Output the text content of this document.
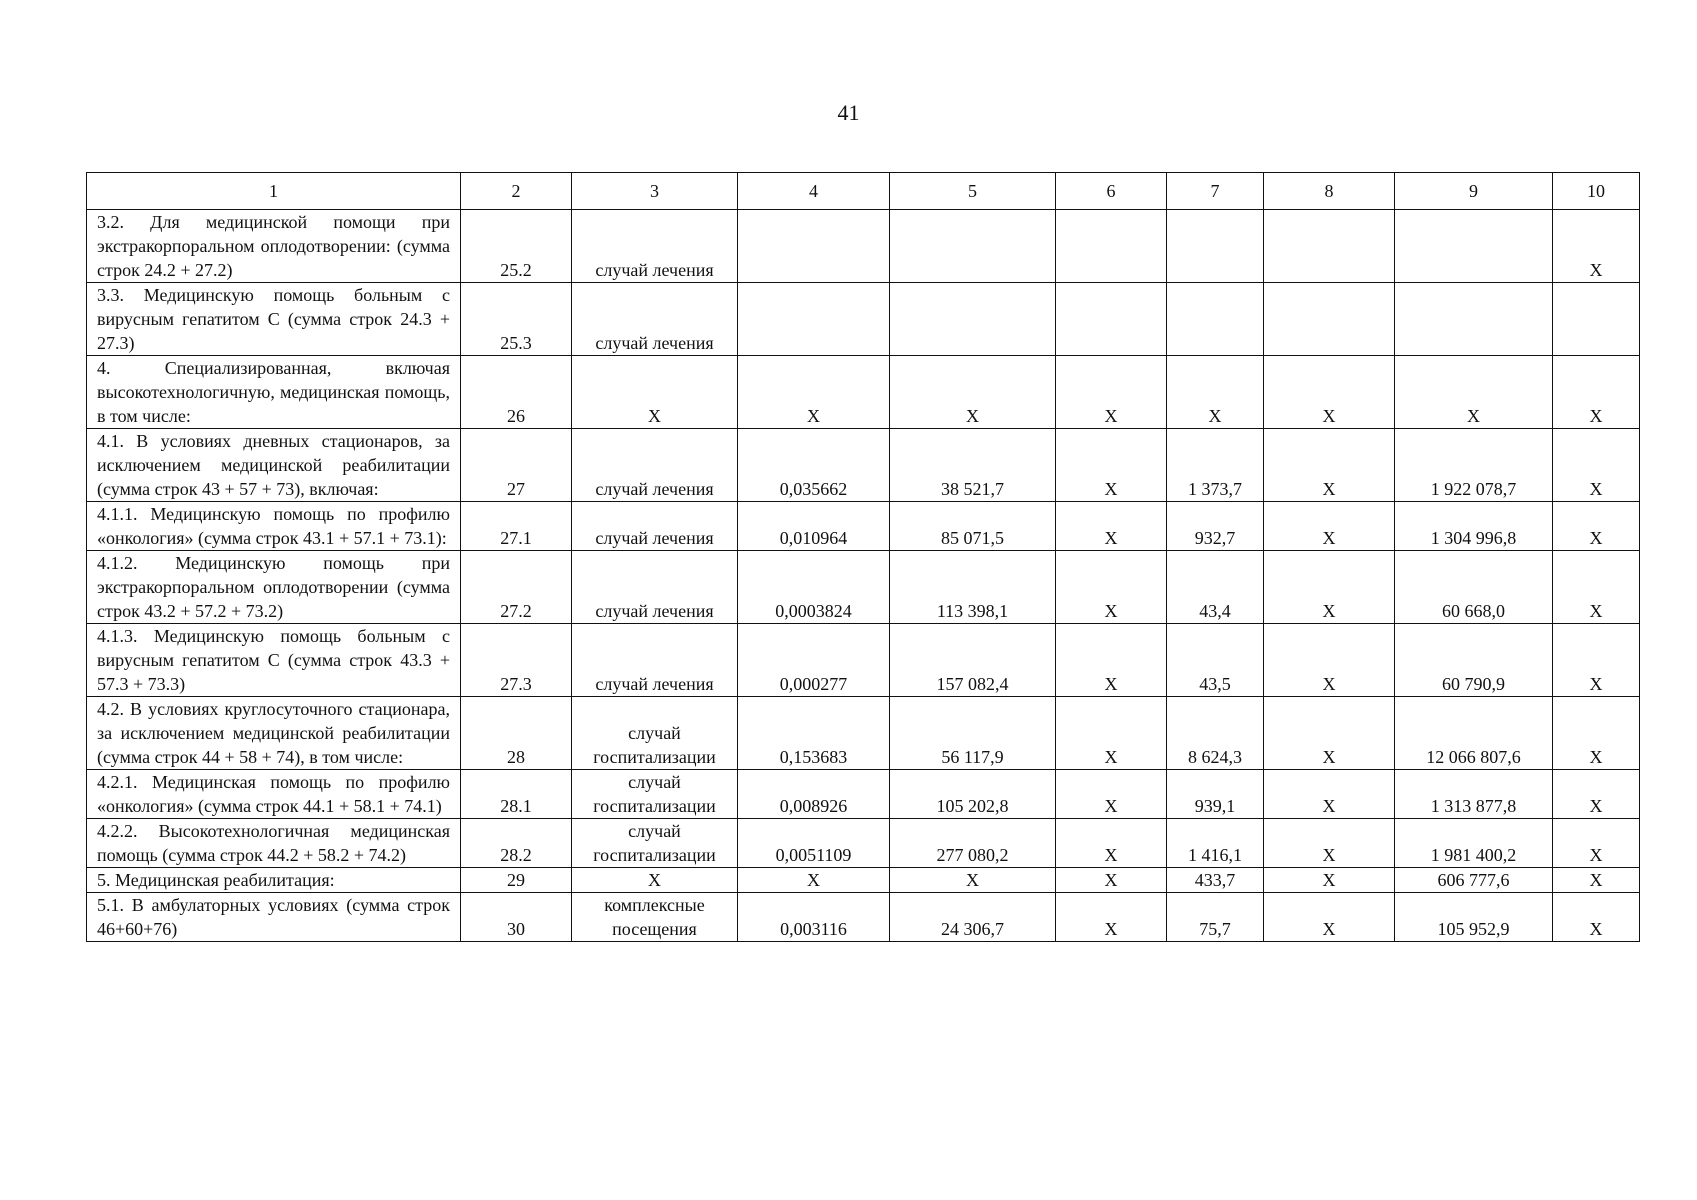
41
1	2	3	4	5	6	7	8	9	10
3.2. Для медицинской помощи при экстракорпоральном оплодотворении: (сумма строк 24.2 + 27.2)	25.2	случай лечения							X
3.3. Медицинскую помощь больным с вирусным гепатитом С (сумма строк 24.3 + 27.3)	25.3	случай лечения							
4. Специализированная, включая высокотехнологичную, медицинская помощь, в том числе:	26	X	X	X	X	X	X	X	X
4.1. В условиях дневных стационаров, за исключением медицинской реабилитации (сумма строк 43 + 57 + 73), включая:	27	случай лечения	0,035662	38 521,7	X	1 373,7	X	1 922 078,7	X
4.1.1. Медицинскую помощь по профилю «онкология» (сумма строк 43.1 + 57.1 + 73.1):	27.1	случай лечения	0,010964	85 071,5	X	932,7	X	1 304 996,8	X
4.1.2. Медицинскую помощь при экстракорпоральном оплодотворении (сумма строк 43.2 + 57.2 + 73.2)	27.2	случай лечения	0,0003824	113 398,1	X	43,4	X	60 668,0	X
4.1.3. Медицинскую помощь больным с вирусным гепатитом С (сумма строк 43.3 + 57.3 + 73.3)	27.3	случай лечения	0,000277	157 082,4	X	43,5	X	60 790,9	X
4.2. В условиях круглосуточного стационара, за исключением медицинской реабилитации (сумма строк 44 + 58 + 74), в том числе:	28	случай госпитализации	0,153683	56 117,9	X	8 624,3	X	12 066 807,6	X
4.2.1. Медицинская помощь по профилю «онкология» (сумма строк 44.1 + 58.1 + 74.1)	28.1	случай госпитализации	0,008926	105 202,8	X	939,1	X	1 313 877,8	X
4.2.2. Высокотехнологичная медицинская помощь (сумма строк 44.2 + 58.2 + 74.2)	28.2	случай госпитализации	0,0051109	277 080,2	X	1 416,1	X	1 981 400,2	X
5. Медицинская реабилитация:	29	X	X	X	X	433,7	X	606 777,6	X
5.1. В амбулаторных условиях (сумма строк 46+60+76)	30	комплексные посещения	0,003116	24 306,7	X	75,7	X	105 952,9	X
